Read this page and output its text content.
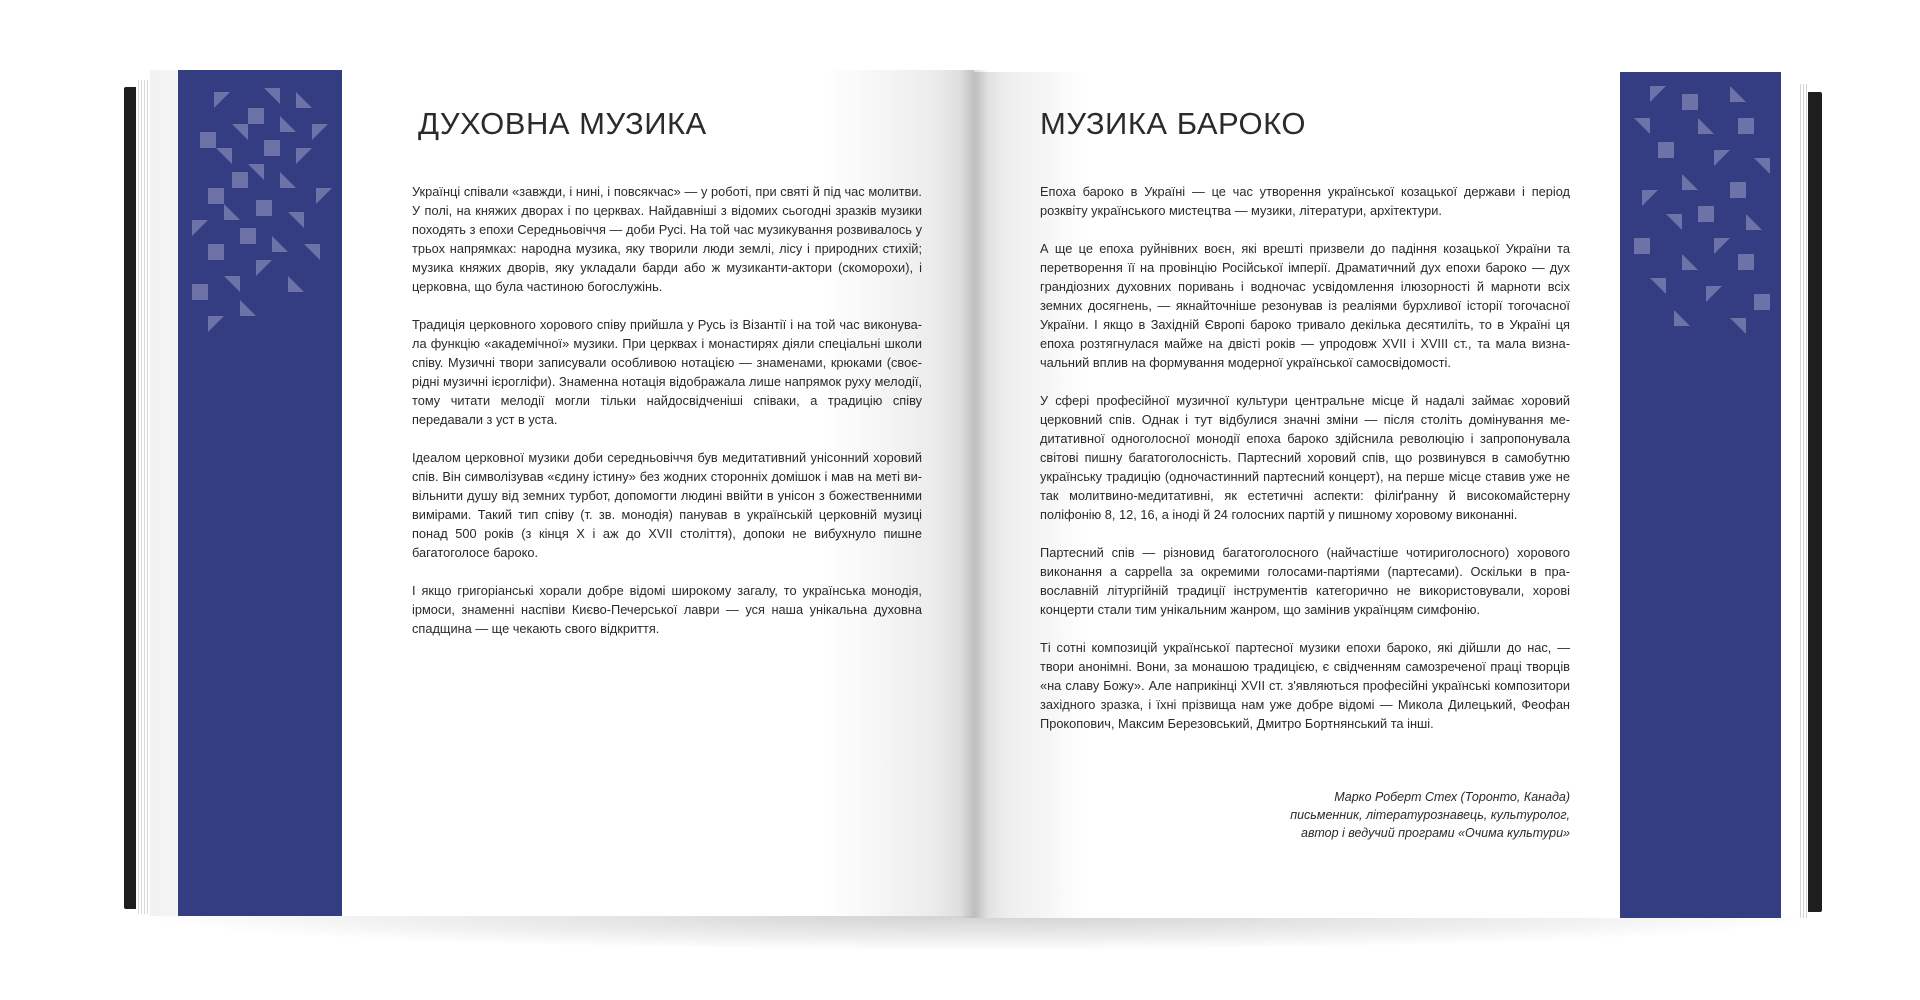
ДУХОВНА МУЗИКА

Українці співали «завжди, і нині, і повсякчас» — у роботі, при святі й під час молитви. У полі, на княжих дворах і по церквах. Найдавніші з відомих сьогодні зразків музики походять з епохи Середньовіччя — доби Русі. На той час музикування розвивалось у трьох напрямках: народна музика, яку творили люди землі, лісу і природних стихій; музика княжих дворів, яку укладали барди або ж музиканти-актори (скоморохи), і церковна, що була частиною богослужінь.

Традиція церковного хорового співу прийшла у Русь із Візантії і на той час виконувала функцію «академічної» музики. При церквах і монастирях діяли спеціальні школи співу. Музичні твори записували особливою нотацією — знаменами, крюками (своєрідні музичні ієрогліфи). Знаменна нотація відображала лише напрямок руху мелодії, тому читати мелодії могли тільки найдосвідченіші співаки, а традицію співу передавали з уст в уста.

Ідеалом церковної музики доби середньовіччя був медитативний унісонний хоровий спів. Він символізував «єдину істину» без жодних сторонніх домішок і мав на меті вивільнити душу від земних турбот, допомогти людині ввійти в унісон з божественними вимірами. Такий тип співу (т. зв. монодія) панував в українській церковній музиці понад 500 років (з кінця Х і аж до XVII століття), допоки не вибухнуло пишне багатоголосе бароко.

І якщо григоріанські хорали добре відомі широкому загалу, то українська монодія, ірмоси, знаменні наспіви Києво-Печерської лаври — уся наша унікальна духовна спадщина — ще чекають свого відкриття.

МУЗИКА БАРОКО

Епоха бароко в Україні — це час утворення української козацької держави і період розквіту українського мистецтва — музики, літератури, архітектури.

А ще це епоха руйнівних воєн, які врешті призвели до падіння козацької України та перетворення її на провінцію Російської імперії. Драматичний дух епохи бароко — дух грандіозних духовних поривань і водночас усвідомлення ілюзорності й марноти всіх земних досягнень, — якнайточніше резонував із реаліями бурхливої історії тогочасної України. І якщо в Західній Європі бароко тривало декілька десятиліть, то в Україні ця епоха розтягнулася майже на двісті років — упродовж XVII і XVIII ст., та мала визначальний вплив на формування модерної української самосвідомості.

У сфері професійної музичної культури центральне місце й надалі займає хоровий церковний спів. Однак і тут відбулися значні зміни — після століть домінування медитативної одноголосної монодії епоха бароко здійснила революцію і запропонувала світові пишну багатоголосність. Партесний хоровий спів, що розвинувся в самобутню українську традицію (одночастинний партесний концерт), на перше місце ставив уже не так молитвино-медитативні, як естетичні аспекти: філіґранну й високомайстерну поліфонію 8, 12, 16, а іноді й 24 голосних партій у пишному хоровому виконанні.

Партесний спів — різновид багатоголосного (найчастіше чотириголосного) хорового виконання a cappella за окремими голосами-партіями (партесами). Оскільки в православній літургійній традиції інструментів категорично не використовували, хорові концерти стали тим унікальним жанром, що замінив українцям симфонію.

Ті сотні композицій української партесної музики епохи бароко, які дійшли до нас, — твори анонімні. Вони, за монашою традицією, є свідченням самозреченої праці творців «на славу Божу». Але наприкінці XVII ст. з'являються професійні українські композитори західного зразка, і їхні прізвища нам уже добре відомі — Микола Дилецький, Феофан Прокопович, Максим Березовський, Дмитро Бортнянський та інші.

Марко Роберт Стех (Торонто, Канада)
письменник, літературознавець, культуролог,
автор і ведучий програми «Очима культури»
